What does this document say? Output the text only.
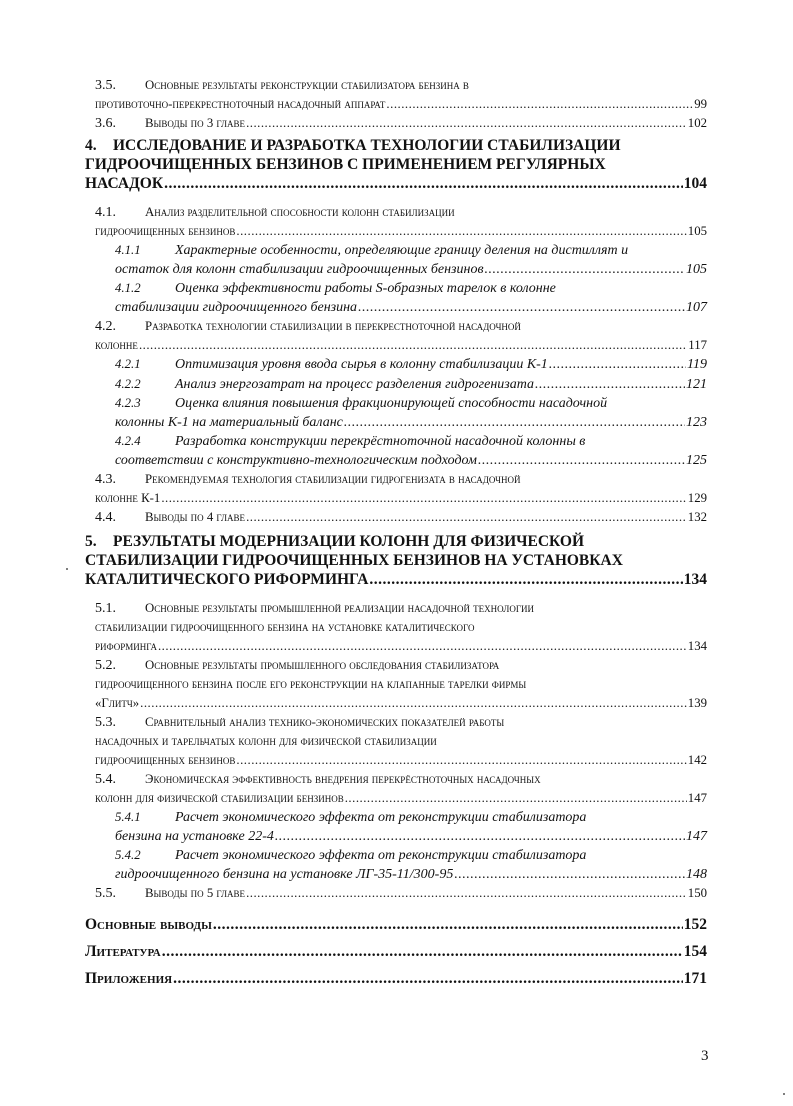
3.5. Основные результаты реконструкции стабилизатора бензина в
противоточно-перекрестноточный насадочный аппарат .....	99
3.6. Выводы по 3 главе .....	102
4. ИССЛЕДОВАНИЕ И РАЗРАБОТКА ТЕХНОЛОГИИ СТАБИЛИЗАЦИИ
ГИДРООЧИЩЕННЫХ БЕНЗИНОВ С ПРИМЕНЕНИЕМ РЕГУЛЯРНЫХ
НАСАДОК .....	104
4.1. Анализ разделительной способности колонн стабилизации
гидроочищенных бензинов .....	105
4.1.1 Характерные особенности, определяющие границу деления на дистиллят и
остаток для колонн стабилизации гидроочищенных бензинов .....	105
4.1.2 Оценка эффективности работы S-образных тарелок в колонне
стабилизации гидроочищенного бензина .....	107
4.2. Разработка технологии стабилизации в перекрестноточной насадочной
колонне .....	117
4.2.1 Оптимизация уровня ввода сырья в колонну стабилизации К-1 .....	119
4.2.2 Анализ энергозатрат на процесс разделения гидрогенизата .....	121
4.2.3 Оценка влияния повышения фракционирующей способности насадочной
колонны К-1 на материальный баланс .....	123
4.2.4 Разработка конструкции перекрёстноточной насадочной колонны в
соответствии с конструктивно-технологическим подходом .....	125
4.3. Рекомендуемая технология стабилизации гидрогенизата в насадочной
колонне К-1 .....	129
4.4. Выводы по 4 главе .....	132
5. РЕЗУЛЬТАТЫ МОДЕРНИЗАЦИИ КОЛОНН ДЛЯ ФИЗИЧЕСКОЙ
СТАБИЛИЗАЦИИ ГИДРООЧИЩЕННЫХ БЕНЗИНОВ НА УСТАНОВКАХ
КАТАЛИТИЧЕСКОГО РИФОРМИНГА .....	134
5.1. Основные результаты промышленной реализации насадочной технологии
стабилизации гидроочищенного бензина на установке каталитического
риформинга .....	134
5.2. Основные результаты промышленного обследования стабилизатора
гидроочищенного бензина после его реконструкции на клапанные тарелки фирмы
«Глитч» .....	139
5.3. Сравнительный анализ технико-экономических показателей работы
насадочных и тарельчатых колонн для физической стабилизации
гидроочищенных бензинов .....	142
5.4. Экономическая эффективность внедрения перекрёстноточных насадочных
колонн для физической стабилизации бензинов .....	147
5.4.1 Расчет экономического эффекта от реконструкции стабилизатора
бензина на установке 22-4 .....	147
5.4.2 Расчет экономического эффекта от реконструкции стабилизатора
гидроочищенного бензина на установке ЛГ-35-11/300-95 .....	148
5.5. Выводы по 5 главе .....	150
Основные выводы .....	152
Литература .....	154
Приложения .....	171
3
